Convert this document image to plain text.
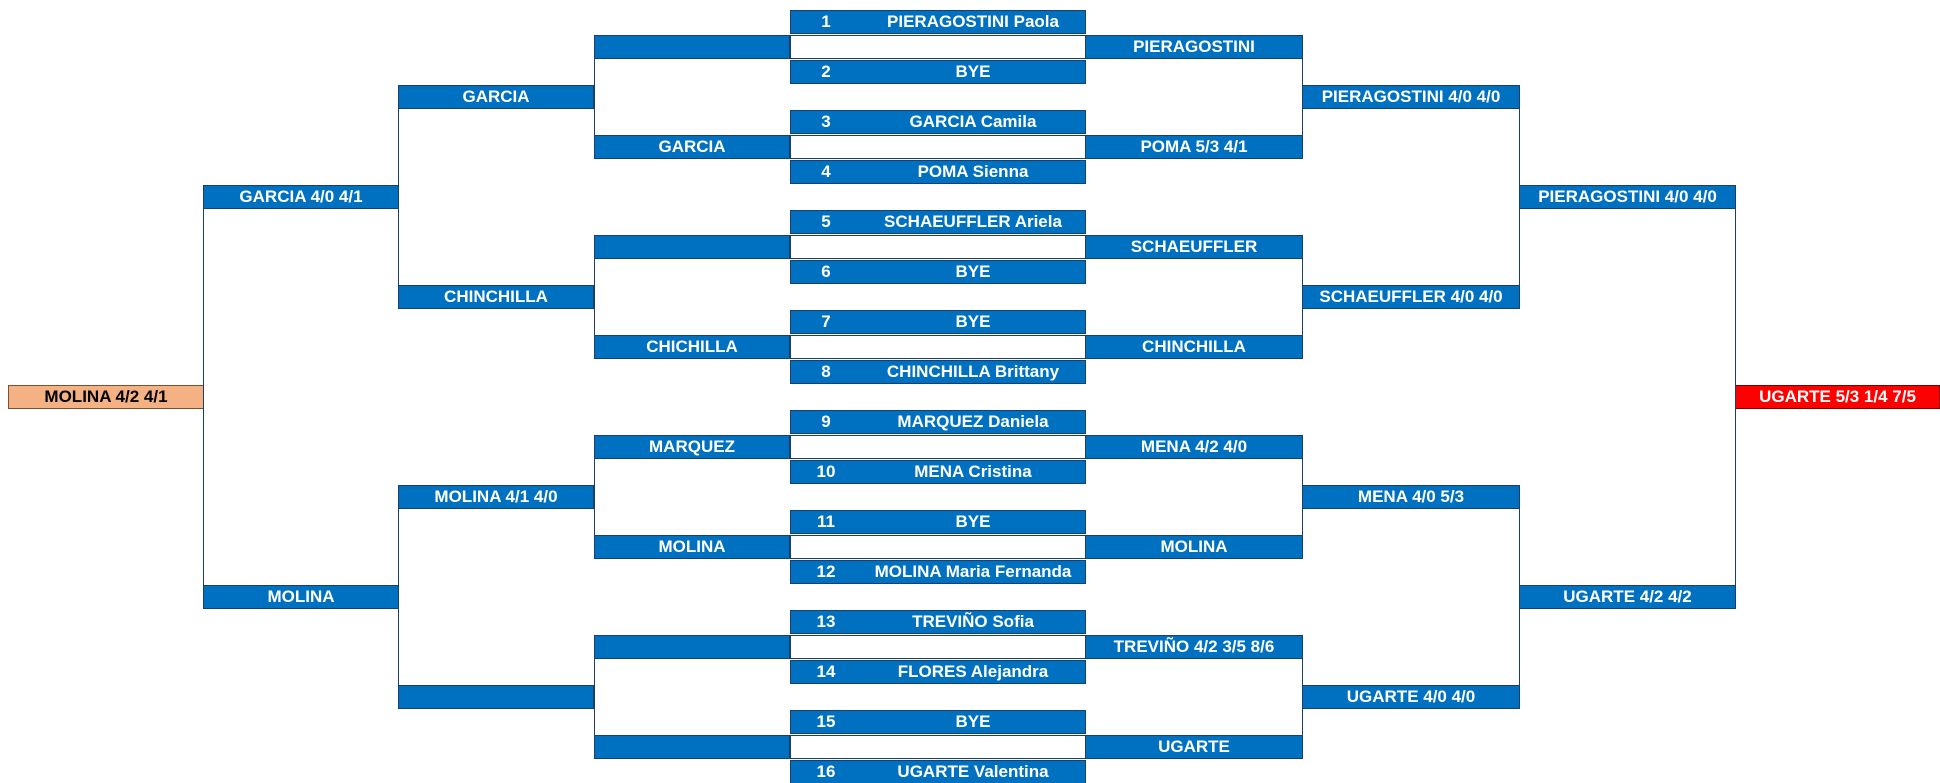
1	PIERAGOSTINI Paola
2	BYE
3	GARCIA Camila
4	POMA Sienna
5	SCHAEUFFLER Ariela
6	BYE
7	BYE
8	CHINCHILLA Brittany
9	MARQUEZ Daniela
10	MENA Cristina
11	BYE
12	MOLINA Maria Fernanda
13	TREVIÑO Sofia
14	FLORES Alejandra
15	BYE
16	UGARTE Valentina
GARCIA
CHICHILLA
MARQUEZ
MOLINA
GARCIA
CHINCHILLA
MOLINA 4/1 4/0
GARCIA 4/0 4/1
MOLINA
MOLINA 4/2 4/1
PIERAGOSTINI
POMA 5/3 4/1
SCHAEUFFLER
CHINCHILLA
MENA 4/2 4/0
MOLINA
TREVIÑO 4/2 3/5 8/6
UGARTE
PIERAGOSTINI 4/0 4/0
SCHAEUFFLER 4/0 4/0
MENA 4/0 5/3
UGARTE 4/0 4/0
PIERAGOSTINI 4/0 4/0
UGARTE 4/2 4/2
UGARTE 5/3 1/4 7/5
